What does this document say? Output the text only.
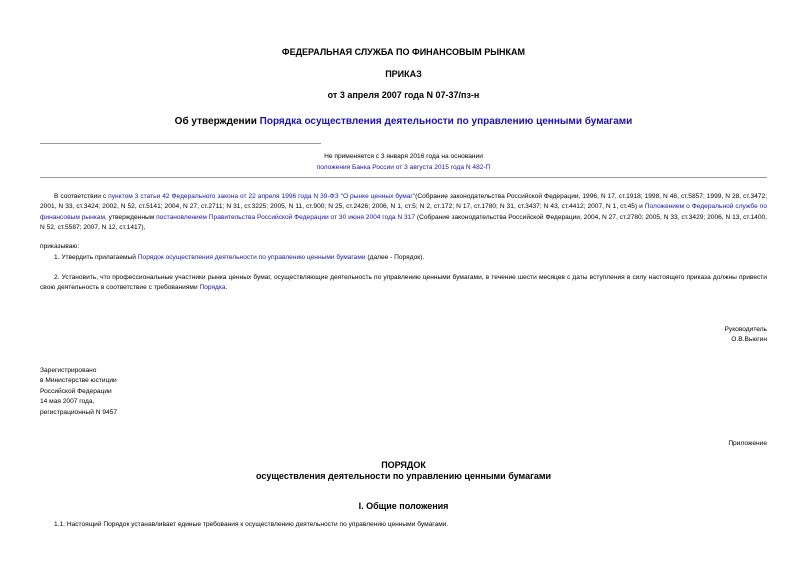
ФЕДЕРАЛЬНАЯ СЛУЖБА ПО ФИНАНСОВЫМ РЫНКАМ
ПРИКАЗ
от 3 апреля 2007 года N 07-37/пз-н
Об утверждении Порядка осуществления деятельности по управлению ценными бумагами
Не применяется с 3 января 2016 года на основании
положения Банка России от 3 августа 2015 года N 482-П
В соответствии с пунктом 3 статьи 42 Федерального закона от 22 апреля 1996 года N 39-ФЗ "О рынке ценных бумаг"(Собрание законодательства Российской Федерации, 1996, N 17, ст.1918; 1998, N 48, ст.5857; 1999, N 28, ст.3472; 2001, N 33, ст.3424; 2002, N 52, ст.5141; 2004, N 27, ст.2711; N 31, ст.3225; 2005, N 11, ст.900; N 25, ст.2426; 2006, N 1, ст.5; N 2, ст.172; N 17, ст.1780; N 31, ст.3437; N 43, ст.4412; 2007, N 1, ст.45) и Положением о Федеральной службе по финансовым рынкам, утвержденным постановлением Правительства Российской Федерации от 30 июня 2004 года N 317 (Собрание законодательства Российской Федерации, 2004, N 27, ст.2780; 2005, N 33, ст.3429; 2006, N 13, ст.1400, N 52, ст.5587; 2007, N 12, ст.1417),
приказываю:
1. Утвердить прилагаемый Порядок осуществления деятельности по управлению ценными бумагами (далее - Порядок).
2. Установить, что профессиональные участники рынка ценных бумаг, осуществляющие деятельность по управлению ценными бумагами, в течение шести месяцев с даты вступления в силу настоящего приказа должны привести свою деятельность в соответствие с требованиями Порядка.
Руководитель
О.В.Вьюгин
Зарегистрировано
в Министерстве юстиции
Российской Федерации
14 мая 2007 года,
регистрационный N 9457
Приложение
ПОРЯДОК
осуществления деятельности по управлению ценными бумагами
I. Общие положения
1.1. Настоящий Порядок устанавливает единые требования к осуществлению деятельности по управлению ценными бумагами.
